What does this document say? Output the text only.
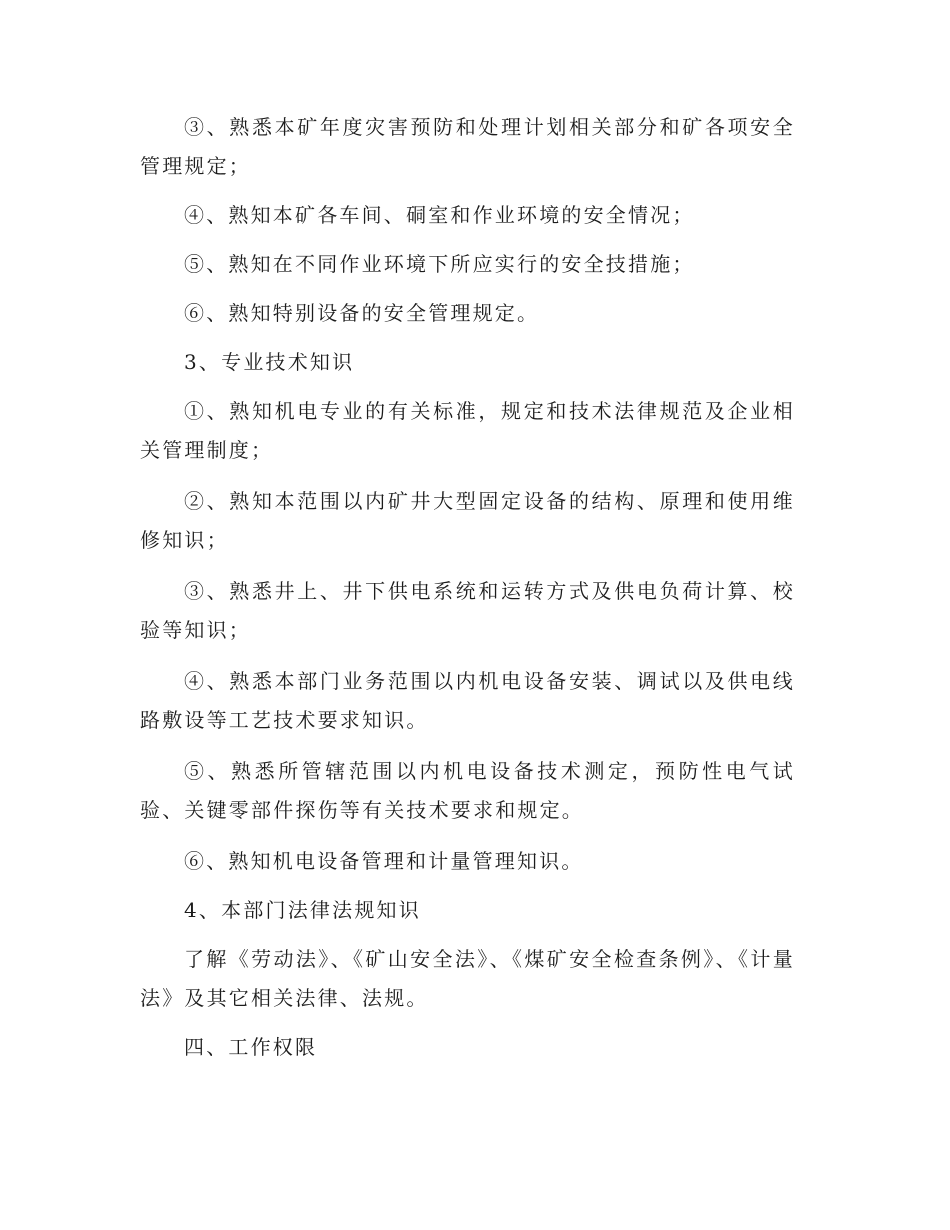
③、熟悉本矿年度灾害预防和处理计划相关部分和矿各项安全管理规定；

④、熟知本矿各车间、硐室和作业环境的安全情况；

⑤、熟知在不同作业环境下所应实行的安全技措施；

⑥、熟知特别设备的安全管理规定。

3、专业技术知识

①、熟知机电专业的有关标准，规定和技术法律规范及企业相关管理制度；

②、熟知本范围以内矿井大型固定设备的结构、原理和使用维修知识；

③、熟悉井上、井下供电系统和运转方式及供电负荷计算、校验等知识；

④、熟悉本部门业务范围以内机电设备安装、调试以及供电线路敷设等工艺技术要求知识。

⑤、熟悉所管辖范围以内机电设备技术测定，预防性电气试验、关键零部件探伤等有关技术要求和规定。

⑥、熟知机电设备管理和计量管理知识。

4、本部门法律法规知识

了解《劳动法》、《矿山安全法》、《煤矿安全检查条例》、《计量法》及其它相关法律、法规。

四、工作权限
